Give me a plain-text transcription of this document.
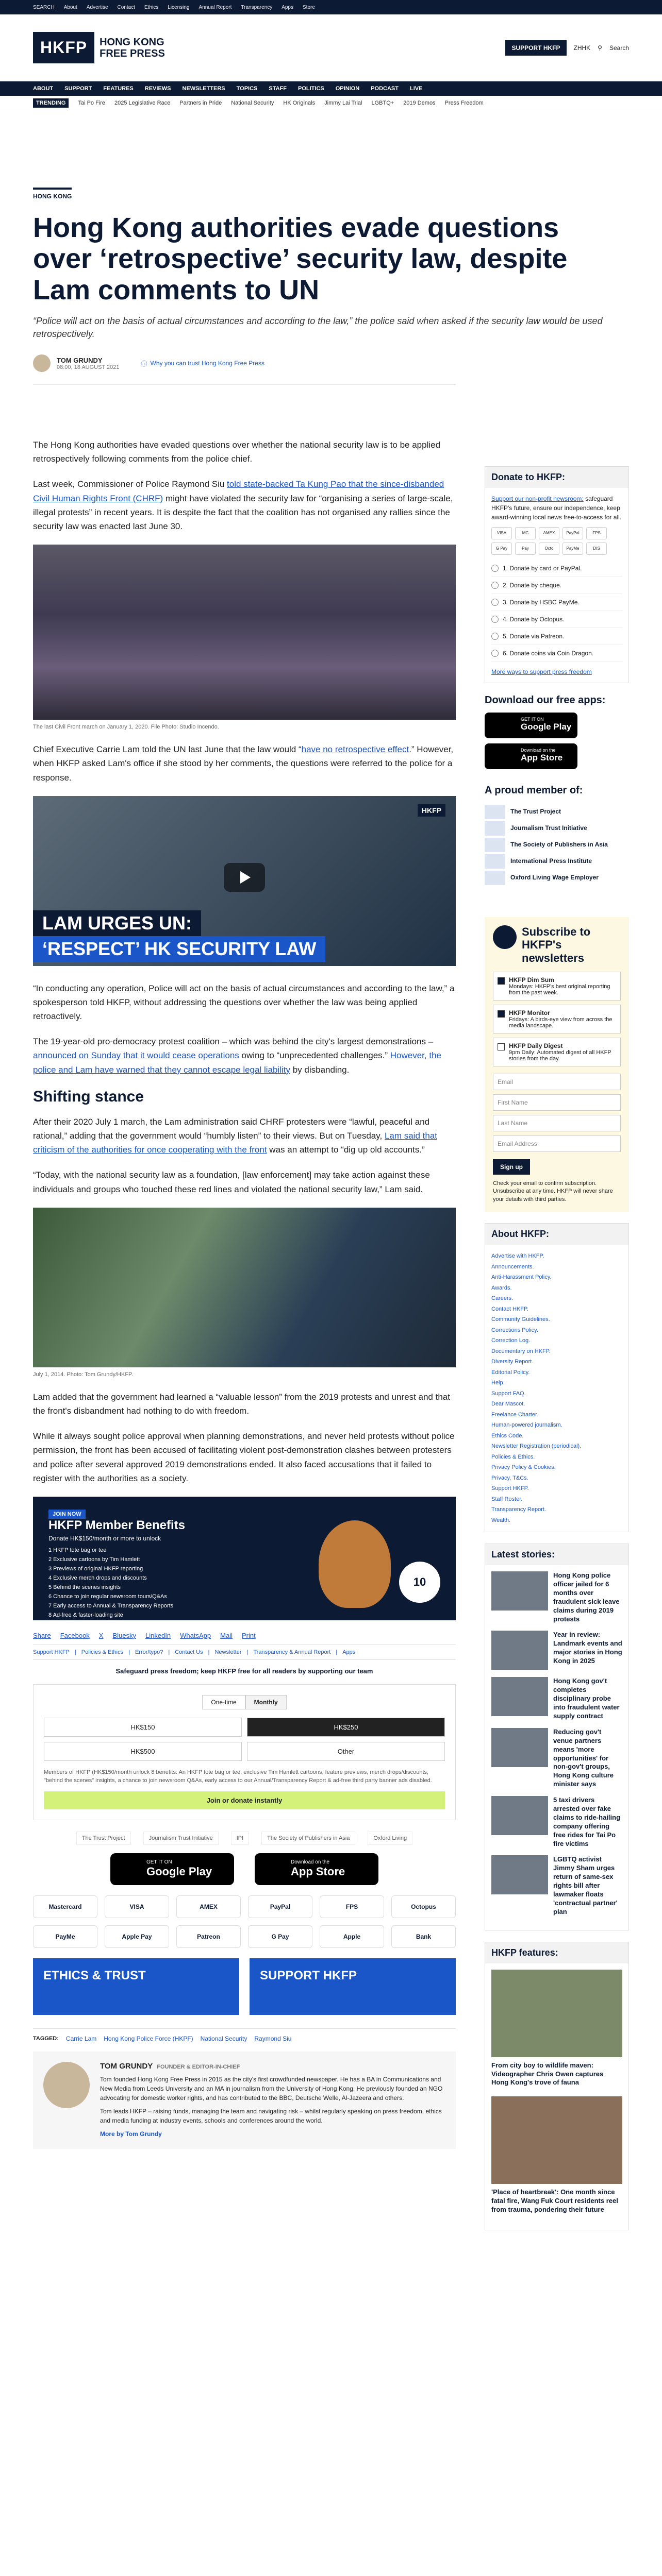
SEARCH About Advertise Contact Ethics Licensing Annual Report Transparency Apps Store
HKFP	HONG KONG
FREE PRESS	SUPPORT HKFP	ZHHK ⚲ Search
ABOUT SUPPORT FEATURES REVIEWS NEWSLETTERS TOPICS STAFF POLITICS OPINION PODCAST LIVE
TRENDING	Tai Po Fire 2025 Legislative Race Partners in Pride National Security HK Originals Jimmy Lai Trial LGBTQ+ 2019 Demos Press Freedom
HONG KONG
Hong Kong authorities evade questions over ‘retrospective’ security law, despite Lam comments to UN

“Police will act on the basis of actual circumstances and according to the law,” the police said when asked if the security law would be used retrospectively.

TOM GRUNDY
08:00, 18 AUGUST 2021	ⓘ Why you can trust Hong Kong Free Press

The Hong Kong authorities have evaded questions over whether the national security law is to be applied retrospectively following comments from the police chief.

Last week, Commissioner of Police Raymond Siu told state-backed Ta Kung Pao that the since-disbanded Civil Human Rights Front (CHRF) might have violated the security law for “organising a series of large-scale, illegal protests” in recent years. It is despite the fact that the coalition has not organised any rallies since the security law was enacted last June 30.

The last Civil Front march on January 1, 2020. File Photo: Studio Incendo.

Chief Executive Carrie Lam told the UN last June that the law would “have no retrospective effect.” However, when HKFP asked Lam's office if she stood by her comments, the questions were referred to the police for a response.

HKFP
LAM URGES UN:
‘RESPECT’ HK SECURITY LAW

“In conducting any operation, Police will act on the basis of actual circumstances and according to the law,” a spokesperson told HKFP, without addressing the questions over whether the law was being applied retroactively.

The 19-year-old pro-democracy protest coalition – which was behind the city's largest demonstrations – announced on Sunday that it would cease operations owing to “unprecedented challenges.” However, the police and Lam have warned that they cannot escape legal liability by disbanding.

Shifting stance

After their 2020 July 1 march, the Lam administration said CHRF protesters were “lawful, peaceful and rational,” adding that the government would “humbly listen” to their views. But on Tuesday, Lam said that criticism of the authorities for once cooperating with the front was an attempt to “dig up old accounts.”

“Today, with the national security law as a foundation, [law enforcement] may take action against these individuals and groups who touched these red lines and violated the national security law,” Lam said.

July 1, 2014. Photo: Tom Grundy/HKFP.

Lam added that the government had learned a “valuable lesson” from the 2019 protests and unrest and that the front's disbandment had nothing to do with freedom.

While it always sought police approval when planning demonstrations, and never held protests without police permission, the front has been accused of facilitating violent post-demonstration clashes between protesters and police after several approved 2019 demonstrations ended. It also faced accusations that it failed to register with the authorities as a society.

JOIN NOW
HKFP Member Benefits
Donate HK$150/month or more to unlock
1 HKFP tote bag or tee
2 Exclusive cartoons by Tim Hamlett
3 Previews of original HKFP reporting
4 Exclusive merch drops and discounts
5 Behind the scenes insights
6 Chance to join regular newsroom tours/Q&As
7 Early access to Annual & Transparency Reports
8 Ad-free & faster-loading site
10
Share Facebook X Bluesky LinkedIn WhatsApp Mail Print
Support HKFP | Policies & Ethics | Error/typo? | Contact Us | Newsletter | Transparency & Annual Report | Apps
Safeguard press freedom; keep HKFP free for all readers by supporting our team
One-time	Monthly
HK$150	HK$250
HK$500	Other
Members of HKFP (HK$150/month unlock 8 benefits: An HKFP tote bag or tee, exclusive Tim Hamlett cartoons, feature previews, merch drops/discounts, "behind the scenes" insights, a chance to join newsroom Q&As, early access to our Annual/Transparency Report & ad-free third party banner ads disabled.
Join or donate instantly
The Trust Project	Journalism Trust Initiative	IPI	The Society of Publishers in Asia	Oxford Living
GET IT ON
Google Play
Download on the
App Store
Mastercard	VISA	AMEX	PayPal	FPS	Octopus
PayMe	Apple Pay	Patreon	G Pay	Apple	Bank
ETHICS & TRUST	SUPPORT HKFP
TAGGED: Carrie Lam Hong Kong Police Force (HKPF) National Security Raymond Siu
TOM GRUNDY FOUNDER & EDITOR-IN-CHIEF

Tom founded Hong Kong Free Press in 2015 as the city's first crowdfunded newspaper. He has a BA in Communications and New Media from Leeds University and an MA in journalism from the University of Hong Kong. He previously founded an NGO advocating for domestic worker rights, and has contributed to the BBC, Deutsche Welle, Al-Jazeera and others.

Tom leads HKFP – raising funds, managing the team and navigating risk – whilst regularly speaking on press freedom, ethics and media funding at industry events, schools and conferences around the world.

More by Tom Grundy
Donate to HKFP:
Support our non-profit newsroom: safeguard HKFP's future, ensure our independence, keep award-winning local news free-to-access for all.
VISA	MC	AMEX	PayPal	FPS
G Pay	Pay	Octo	PayMe	DIS
1. Donate by card or PayPal.
2. Donate by cheque.
3. Donate by HSBC PayMe.
4. Donate by Octopus.
5. Donate via Patreon.
6. Donate coins via Coin Dragon.
More ways to support press freedom
Download our free apps:
GET IT ON
Google Play
Download on the
App Store
A proud member of:
The Trust Project
Journalism Trust Initiative
The Society of Publishers in Asia
International Press Institute
Oxford Living Wage Employer
Subscribe to HKFP's newsletters
HKFP Dim Sum
Mondays: HKFP's best original reporting from the past week.
HKFP Monitor
Fridays: A birds-eye view from across the media landscape.
HKFP Daily Digest
9pm Daily: Automated digest of all HKFP stories from the day.
Email
First Name
Last Name
Email Address
Sign up
Check your email to confirm subscription. Unsubscribe at any time. HKFP will never share your details with third parties.
About HKFP:
Advertise with HKFP.
Announcements.
Anti-Harassment Policy.
Awards.
Careers.
Contact HKFP.
Community Guidelines.
Corrections Policy.
Correction Log.
Documentary on HKFP.
Diversity Report.
Editorial Policy.
Help.
Support FAQ.
Dear Mascot.
Freelance Charter.
Human-powered journalism.
Ethics Code.
Newsletter Registration (periodical).
Policies & Ethics.
Privacy Policy & Cookies.
Privacy, T&Cs.
Support HKFP.
Staff Roster.
Transparency Report.
Wealth.
Latest stories:
Hong Kong police officer jailed for 6 months over fraudulent sick leave claims during 2019 protests
Year in review: Landmark events and major stories in Hong Kong in 2025
Hong Kong gov't completes disciplinary probe into fraudulent water supply contract
Reducing gov't venue partners means 'more opportunities' for non-gov't groups, Hong Kong culture minister says
5 taxi drivers arrested over fake claims to ride-hailing company offering free rides for Tai Po fire victims
LGBTQ activist Jimmy Sham urges return of same-sex rights bill after lawmaker floats 'contractual partner' plan
HKFP features:
From city boy to wildlife maven: Videographer Chris Owen captures Hong Kong's trove of fauna
'Place of heartbreak': One month since fatal fire, Wang Fuk Court residents reel from trauma, pondering their future
